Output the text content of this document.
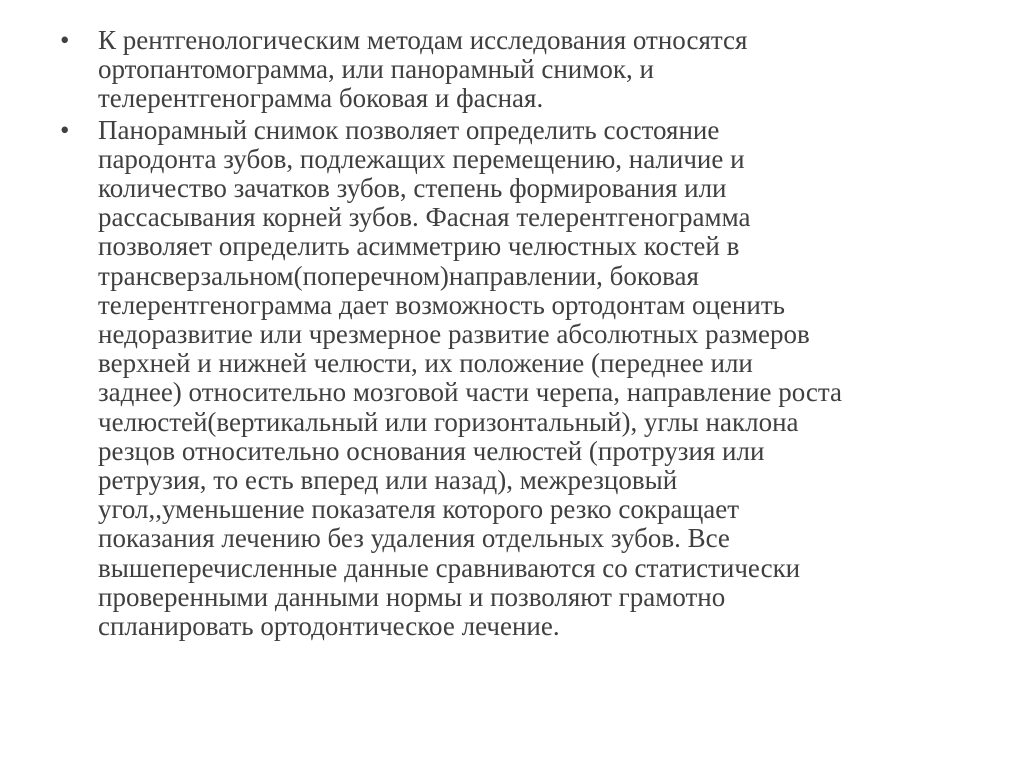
• К рентгенологическим методам исследования относятся
ортопантомограмма, или панорамный снимок, и
телерентгенограмма боковая и фасная.

• Панорамный снимок позволяет определить состояние
пародонта зубов, подлежащих перемещению, наличие и
количество зачатков зубов, степень формирования или
рассасывания корней зубов. Фасная телерентгенограмма
позволяет определить асимметрию челюстных костей в
трансверзальном(поперечном)направлении, боковая
телерентгенограмма дает возможность ортодонтам оценить
недоразвитие или чрезмерное развитие абсолютных размеров
верхней и нижней челюсти, их положение (переднее или
заднее) относительно мозговой части черепа, направление роста
челюстей(вертикальный или горизонтальный), углы наклона
резцов относительно основания челюстей (протрузия или
ретрузия, то есть вперед или назад), межрезцовый
угол,,уменьшение показателя которого резко сокращает
показания лечению без удаления отдельных зубов. Все
вышеперечисленные данные сравниваются со статистически
проверенными данными нормы и позволяют грамотно
спланировать ортодонтическое лечение.
